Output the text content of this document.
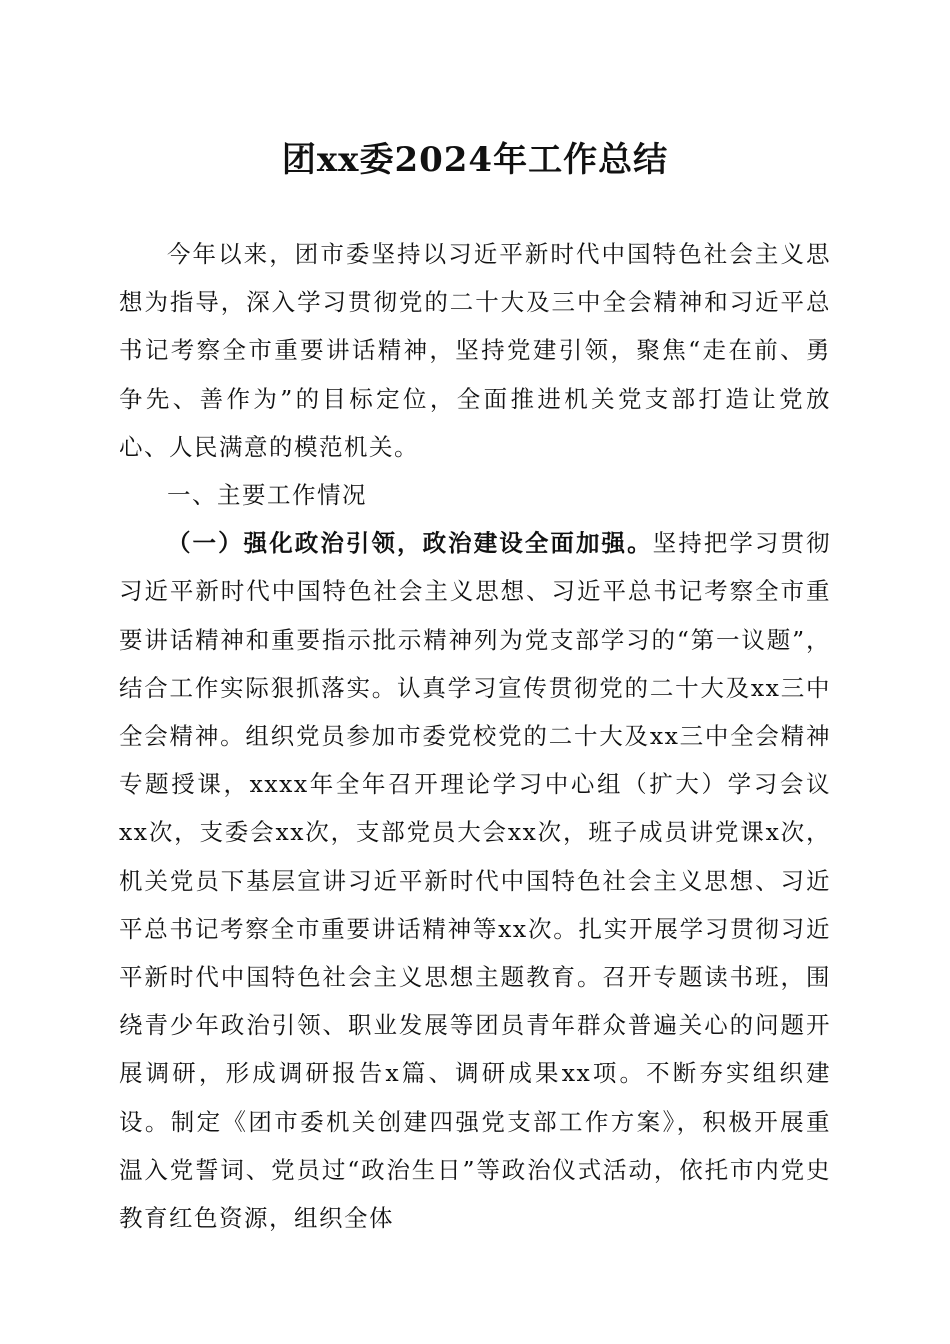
团xx委2024年工作总结

今年以来，团市委坚持以习近平新时代中国特色社会主义思想为指导，深入学习贯彻党的二十大及三中全会精神和习近平总书记考察全市重要讲话精神，坚持党建引领，聚焦“走在前、勇争先、善作为”的目标定位，全面推进机关党支部打造让党放心、人民满意的模范机关。

一、主要工作情况

（一）强化政治引领，政治建设全面加强。坚持把学习贯彻习近平新时代中国特色社会主义思想、习近平总书记考察全市重要讲话精神和重要指示批示精神列为党支部学习的“第一议题”，结合工作实际狠抓落实。认真学习宣传贯彻党的二十大及xx三中全会精神。组织党员参加市委党校党的二十大及xx三中全会精神专题授课，xxxx年全年召开理论学习中心组（扩大）学习会议xx次，支委会xx次，支部党员大会xx次，班子成员讲党课x次，机关党员下基层宣讲习近平新时代中国特色社会主义思想、习近平总书记考察全市重要讲话精神等xx次。扎实开展学习贯彻习近平新时代中国特色社会主义思想主题教育。召开专题读书班，围绕青少年政治引领、职业发展等团员青年群众普遍关心的问题开展调研，形成调研报告x篇、调研成果xx项。不断夯实组织建设。制定《团市委机关创建四强党支部工作方案》，积极开展重温入党誓词、党员过“政治生日”等政治仪式活动，依托市内党史教育红色资源，组织全体
